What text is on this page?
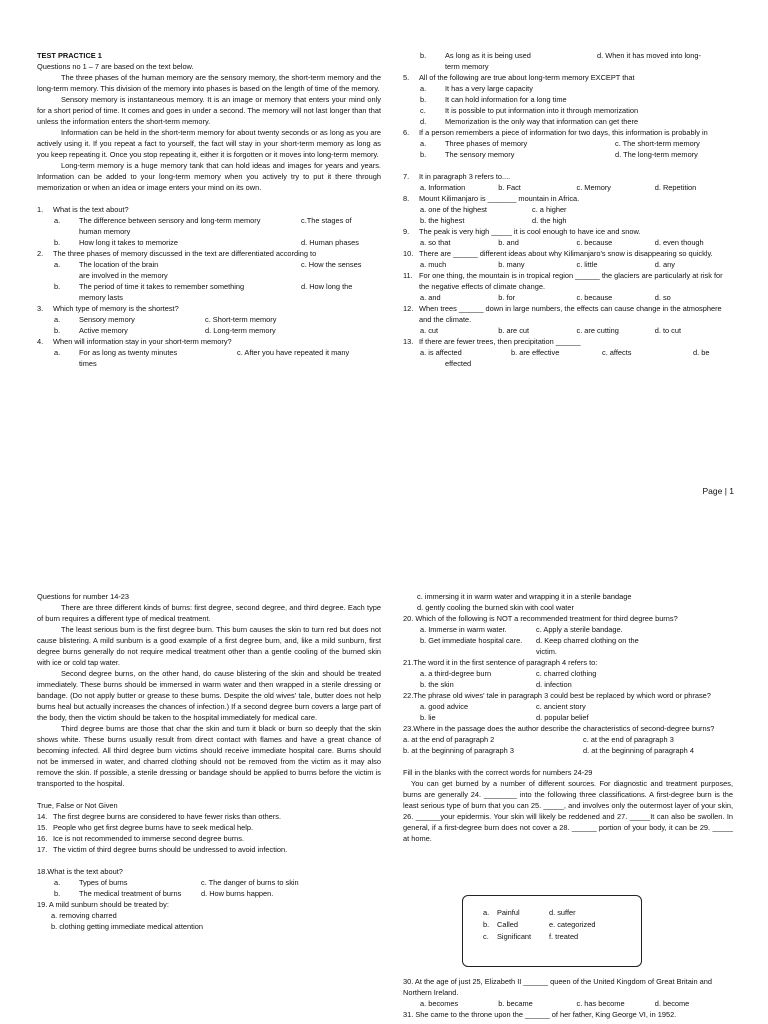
TEST PRACTICE 1
Questions no 1 – 7 are based on the text below.

The three phases of the human memory are the sensory memory, the short-term memory and the long-term memory. This division of the memory into phases is based on the length of time of the memory.

Sensory memory is instantaneous memory. It is an image or memory that enters your mind only for a short period of time. It comes and goes in under a second. The memory will not last longer than that unless the information enters the short-term memory.

Information can be held in the short-term memory for about twenty seconds or as long as you are actively using it. If you repeat a fact to yourself, the fact will stay in your short-term memory as long as you keep repeating it. Once you stop repeating it, either it is forgotten or it moves into long-term memory.

Long-term memory is a huge memory tank that can hold ideas and images for years and years. Information can be added to your long-term memory when you actively try to put it there through memorization or when an idea or image enters your mind on its own.

1.	What is the text about?
a.	The difference between sensory and long-term memory	c.The stages of
human memory
b.	How long it takes to memorize	d. Human phases
2.	The three phases of memory discussed in the text are differentiated according to
a.	The location of the brain	c. How the senses
are involved in the memory
b.	The period of time it takes to remember something	d. How long the
memory lasts
3.	Which type of memory is the shortest?
a.	Sensory memory	c. Short-term memory
b.	Active memory	d. Long-term memory
4.	When will information stay in your short-term memory?
a.	For as long as twenty minutes	c. After you have repeated it many
times
b.	As long as it is being used	d. When it has moved into long-
term memory
5.	All of the following are true about long-term memory EXCEPT that
a.	It has a very large capacity
b.	It can hold information for a long time
c.	It is possible to put information into it through memorization
d.	Memorization is the only way that information can get there
6.	If a person remembers a piece of information for two days, this information is probably in
a.	Three phases of memory	c. The short-term memory
b.	The sensory memory	d. The long-term memory
7.	It in paragraph 3 refers to....
a. Information	b. Fact	c. Memory	d. Repetition
8.	Mount Kilimanjaro is _______ mountain in Africa.
a. one of the highest	c. a higher
b. the highest	d. the high
9.	The peak is very high _____ it is cool enough to have ice and snow.
a. so that	b. and	c. because	d. even though
10. There are ______ different ideas about why Kilimanjaro's snow is disappearing so quickly.
a. much	b. many	c. little	d. any
11. For one thing, the mountain is in tropical region ______ the glaciers are particularly at risk for the negative effects of climate change.
a. and	b. for	c. because	d. so
12. When trees ______ down in large numbers, the effects can cause change in the atmosphere and the climate.
a. cut	b. are cut	c. are cutting	d. to cut
13. If there are fewer trees, then precipitation ______
a. is affected	b. are effective	c. affects	d. be
effected
Page | 1
Questions for number 14-23

There are three different kinds of burns: first degree, second degree, and third degree. Each type of burn requires a different type of medical treatment.

The least serious burn is the first degree burn. This burn causes the skin to turn red but does not cause blistering. A mild sunburn is a good example of a first degree burn, and, like a mild sunburn, first degree burns generally do not require medical treatment other than a gentle cooling of the burned skin with ice or cold tap water.

Second degree burns, on the other hand, do cause blistering of the skin and should be treated immediately. These burns should be immersed in warm water and then wrapped in a sterile dressing or bandage. (Do not apply butter or grease to these burns. Despite the old wives' tale, butter does not help burns heal but actually increases the chances of infection.) If a second degree burn covers a large part of the body, then the victim should be taken to the hospital immediately for medical care.

Third degree burns are those that char the skin and turn it black or burn so deeply that the skin shows white. These burns usually result from direct contact with flames and have a great chance of becoming infected. All third degree burn victims should receive immediate hospital care. Burns should not be immersed in water, and charred clothing should not be removed from the victim as it may also remove the skin. If possible, a sterile dressing or bandage should be applied to burns before the victim is transported to the hospital.

True, False or Not Given
14. The first degree burns are considered to have fewer risks than others.
15. People who get first degree burns have to seek medical help.
16. Ice is not recommended to immerse second degree burns.
17. The victim of third degree burns should be undressed to avoid infection.
18.What is the text about?
a.	Types of burns	c. The danger of burns to skin
b.	The medical treatment of burns	d. How burns happen.
19. A mild sunburn should be treated by:
a. removing charred
b. clothing getting immediate medical attention
c. immersing it in warm water and wrapping it in a sterile bandage
d. gently cooling the burned skin with cool water
20. Which of the following is NOT a recommended treatment for third degree burns?
a. Immerse in warm water.	c. Apply a sterile bandage.
b. Get immediate hospital care.	d. Keep charred clothing on the
victim.
21.The word it in the first sentence of paragraph 4 refers to:
a. a third-degree burn	c. charred clothing
b. the skin	d. infection
22.The phrase old wives' tale in paragraph 3 could best be replaced by which word or phrase?
a. good advice	c. ancient story
b. lie	d. popular belief
23.Where in the passage does the author describe the characteristics of second-degree burns?
a. at the end of paragraph 2	c. at the end of paragraph 3
b. at the beginning of paragraph 3	d. at the beginning of paragraph 4
Fill in the blanks with the correct words for numbers 24-29

You can get burned by a number of different sources. For diagnostic and treatment purposes, burns are generally 24. ________ into the following three classifications. A first-degree burn is the least serious type of burn that you can 25. _____, and involves only the outermost layer of your skin, 26. ______your epidermis. Your skin will likely be reddened and 27. _____It can also be swollen. In general, if a first-degree burn does not cover a 28. ______ portion of your body, it can be 29. _____ at home.

a.	Painful	d. suffer
b.	Called	e. categorized
c.	Significant	f. treated
30. At the age of just 25, Elizabeth II ______ queen of the United Kingdom of Great Britain and Northern Ireland.
a. becomes	b. became	c. has become	d. become
31. She came to the throne upon the ______ of her father, King George VI, in 1952.
